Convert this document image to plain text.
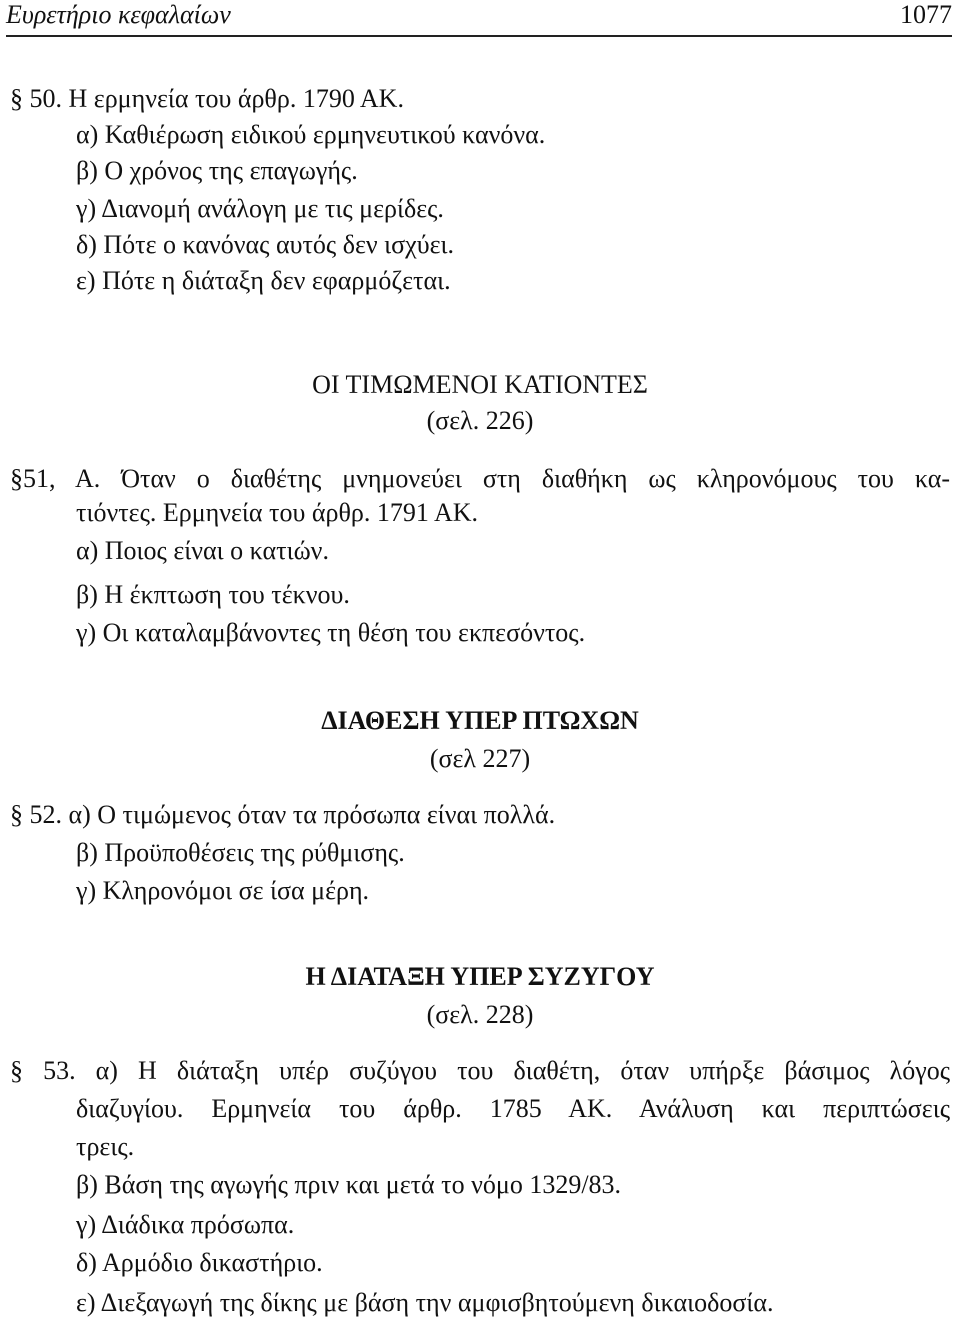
Ευρετήριο κεφαλαίων	1077
§ 50. Η ερμηνεία του άρθρ. 1790 ΑΚ.
α) Καθιέρωση ειδικού ερμηνευτικού κανόνα.
β) Ο χρόνος της επαγωγής.
γ) Διανομή ανάλογη με τις μερίδες.
δ) Πότε ο κανόνας αυτός δεν ισχύει.
ε) Πότε η διάταξη δεν εφαρμόζεται.
ΟΙ ΤΙΜΩΜΕΝΟΙ ΚΑΤΙΟΝΤΕΣ
(σελ. 226)
§51, Α. Όταν ο διαθέτης μνημονεύει στη διαθήκη ως κληρονόμους του κα-
τιόντες. Ερμηνεία του άρθρ. 1791 ΑΚ.
α) Ποιος είναι ο κατιών.
β) Η έκπτωση του τέκνου.
γ) Οι καταλαμβάνοντες τη θέση του εκπεσόντος.
ΔΙΑΘΕΣΗ ΥΠΕΡ ΠΤΩΧΩΝ
(σελ 227)
§ 52. α) Ο τιμώμενος όταν τα πρόσωπα είναι πολλά.
β) Προϋποθέσεις της ρύθμισης.
γ) Κληρονόμοι σε ίσα μέρη.
Η ΔΙΑΤΑΞΗ ΥΠΕΡ ΣΥΖΥΓΟΥ
(σελ. 228)
§ 53. α) Η διάταξη υπέρ συζύγου του διαθέτη, όταν υπήρξε βάσιμος λόγος
διαζυγίου. Ερμηνεία του άρθρ. 1785 ΑΚ. Ανάλυση και περιπτώσεις
τρεις.
β) Βάση της αγωγής πριν και μετά το νόμο 1329/83.
γ) Διάδικα πρόσωπα.
δ) Αρμόδιο δικαστήριο.
ε) Διεξαγωγή της δίκης με βάση την αμφισβητούμενη δικαιοδοσία.
